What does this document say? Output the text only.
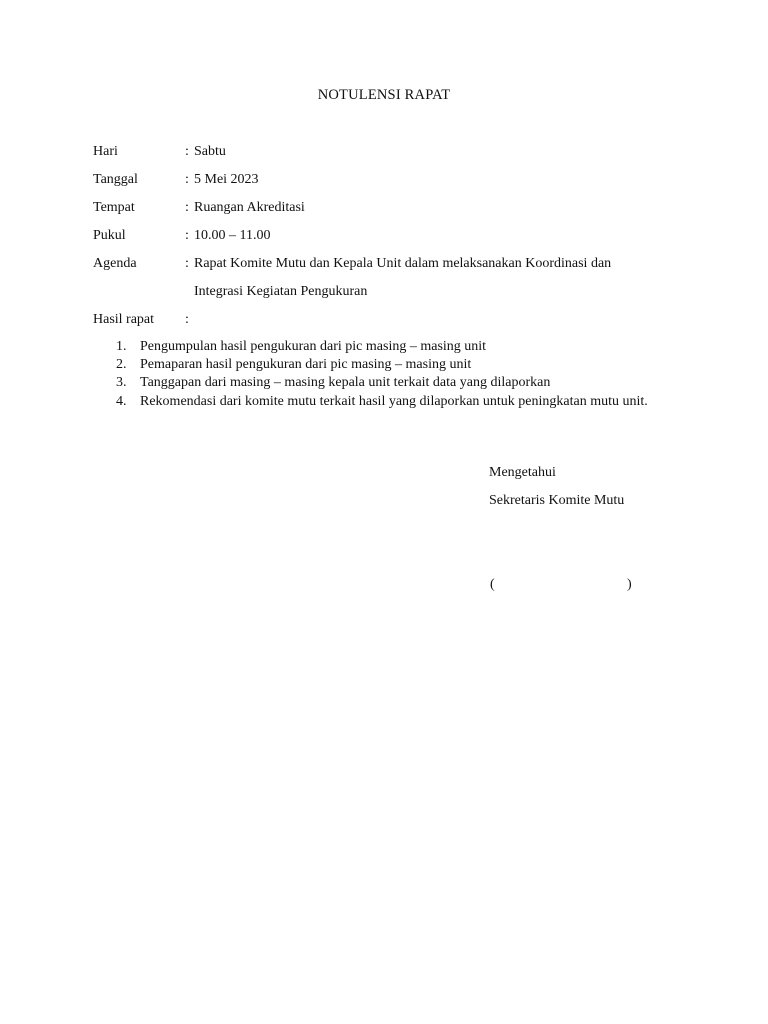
NOTULENSI RAPAT
Hari	: Sabtu
Tanggal	: 5 Mei 2023
Tempat	: Ruangan Akreditasi
Pukul	: 10.00 – 11.00
Agenda	: Rapat Komite Mutu dan Kepala Unit dalam melaksanakan Koordinasi dan
Integrasi Kegiatan Pengukuran
Hasil rapat :
1. Pengumpulan hasil pengukuran dari pic masing – masing unit
2. Pemaparan hasil pengukuran dari pic masing – masing unit
3. Tanggapan dari masing – masing kepala unit terkait data yang dilaporkan
4. Rekomendasi dari komite mutu terkait hasil yang dilaporkan untuk peningkatan mutu unit.
Mengetahui
Sekretaris Komite Mutu
(	)
